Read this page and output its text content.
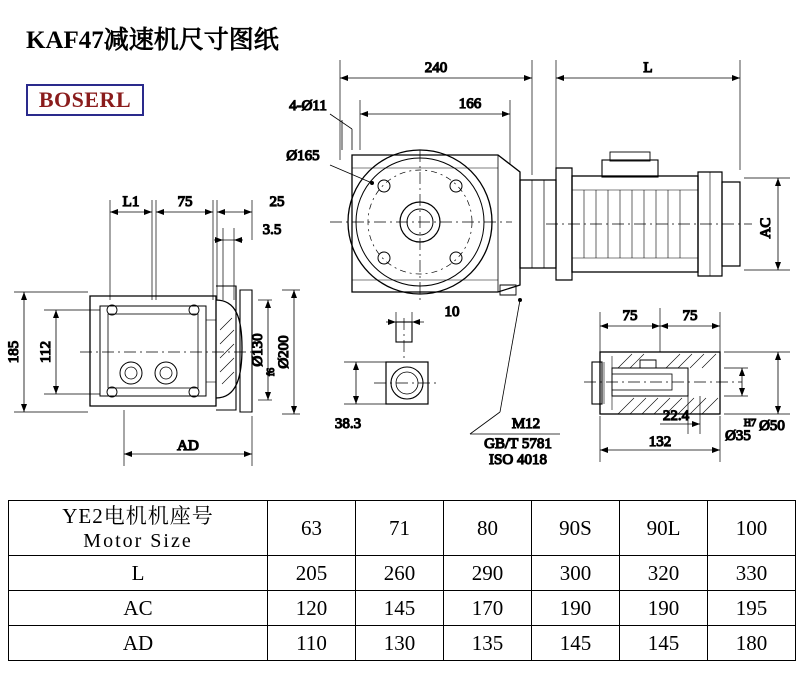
KAF47减速机尺寸图纸
BOSERL
240	L
166
4-Ø11
Ø165
AC
L1	75	25
3.5
185 112	Ø130
f6
Ø200
AD
10
38.3	M12
GB/T 5781
ISO 4018
75	75
22.4
132	Ø35
H7 Ø50
YE2电机机座号
Motor Size	63	71	80	90S	90L	100
L	205	260	290	300	320	330
AC	120	145	170	190	190	195
AD	110	130	135	145	145	180
